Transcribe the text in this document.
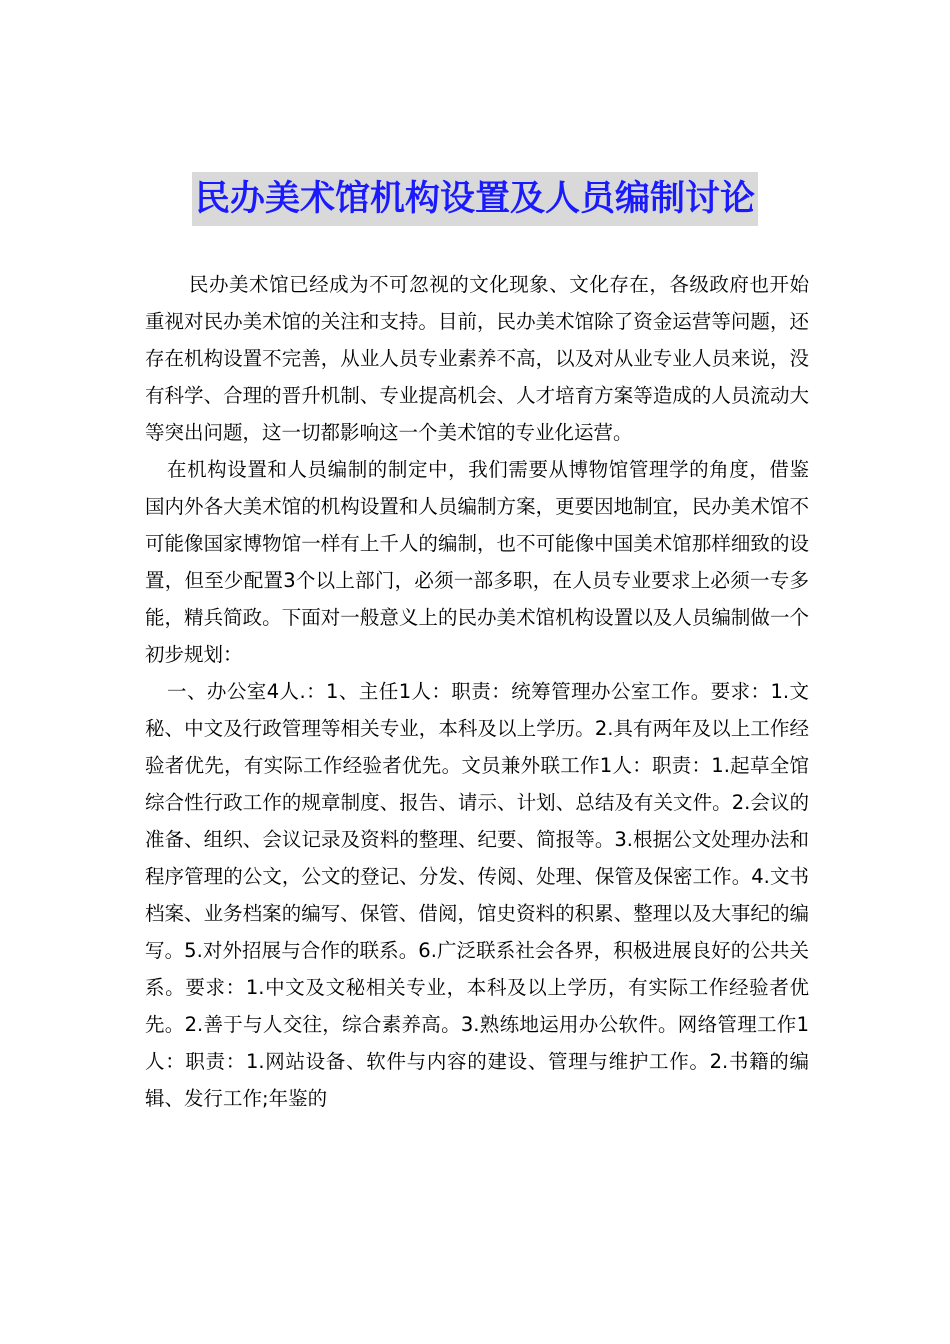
民办美术馆机构设置及人员编制讨论

民办美术馆已经成为不可忽视的文化现象、文化存在，各级政府也开始重视对民办美术馆的关注和支持。目前，民办美术馆除了资金运营等问题，还存在机构设置不完善，从业人员专业素养不高，以及对从业专业人员来说，没有科学、合理的晋升机制、专业提高机会、人才培育方案等造成的人员流动大等突出问题，这一切都影响这一个美术馆的专业化运营。

在机构设置和人员编制的制定中，我们需要从博物馆管理学的角度，借鉴国内外各大美术馆的机构设置和人员编制方案，更要因地制宜，民办美术馆不可能像国家博物馆一样有上千人的编制，也不可能像中国美术馆那样细致的设置，但至少配置3个以上部门，必须一部多职，在人员专业要求上必须一专多能，精兵简政。下面对一般意义上的民办美术馆机构设置以及人员编制做一个初步规划：

一、办公室4人.：1、主任1人：职责：统筹管理办公室工作。要求：1.文秘、中文及行政管理等相关专业，本科及以上学历。2.具有两年及以上工作经验者优先，有实际工作经验者优先。文员兼外联工作1人：职责：1.起草全馆综合性行政工作的规章制度、报告、请示、计划、总结及有关文件。2.会议的准备、组织、会议记录及资料的整理、纪要、简报等。3.根据公文处理办法和程序管理的公文，公文的登记、分发、传阅、处理、保管及保密工作。4.文书档案、业务档案的编写、保管、借阅，馆史资料的积累、整理以及大事纪的编写。5.对外招展与合作的联系。6.广泛联系社会各界，积极进展良好的公共关系。要求：1.中文及文秘相关专业，本科及以上学历，有实际工作经验者优先。2.善于与人交往，综合素养高。3.熟练地运用办公软件。网络管理工作1人：职责：1.网站设备、软件与内容的建设、管理与维护工作。2.书籍的编辑、发行工作;年鉴的
